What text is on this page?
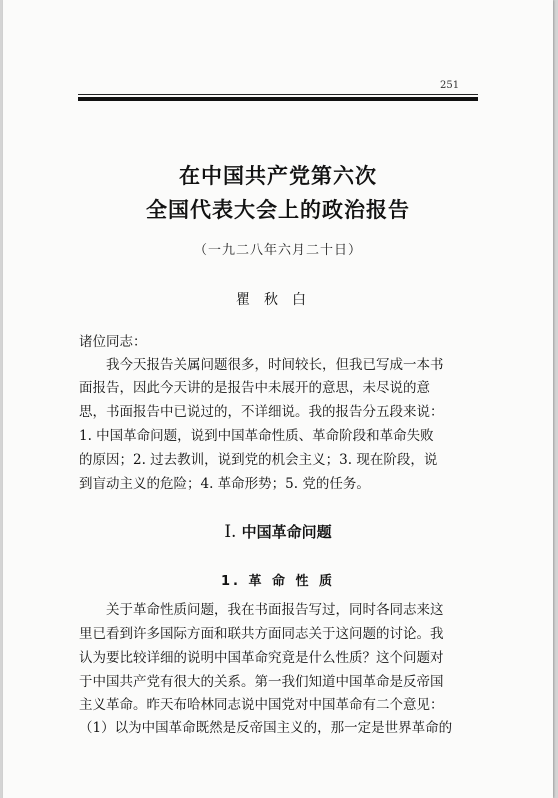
251
在中国共产党第六次
全国代表大会上的政治报告
（一九二八年六月二十日）
瞿秋白
诸位同志：
　　我今天报告关属问题很多，时间较长，但我已写成一本书
面报告，因此今天讲的是报告中未展开的意思，未尽说的意
思，书面报告中已说过的，不详细说。我的报告分五段来说：
1. 中国革命问题，说到中国革命性质、革命阶段和革命失败
的原因；2. 过去教训，说到党的机会主义；3. 现在阶段，说
到盲动主义的危险；4. 革命形势；5. 党的任务。
Ⅰ. 中国革命问题
1. 革 命 性 质
　　关于革命性质问题，我在书面报告写过，同时各同志来这
里已看到许多国际方面和联共方面同志关于这问题的讨论。我
认为要比较详细的说明中国革命究竟是什么性质？这个问题对
于中国共产党有很大的关系。第一我们知道中国革命是反帝国
主义革命。昨天布哈林同志说中国党对中国革命有二个意见：
（1）以为中国革命既然是反帝国主义的，那一定是世界革命的
